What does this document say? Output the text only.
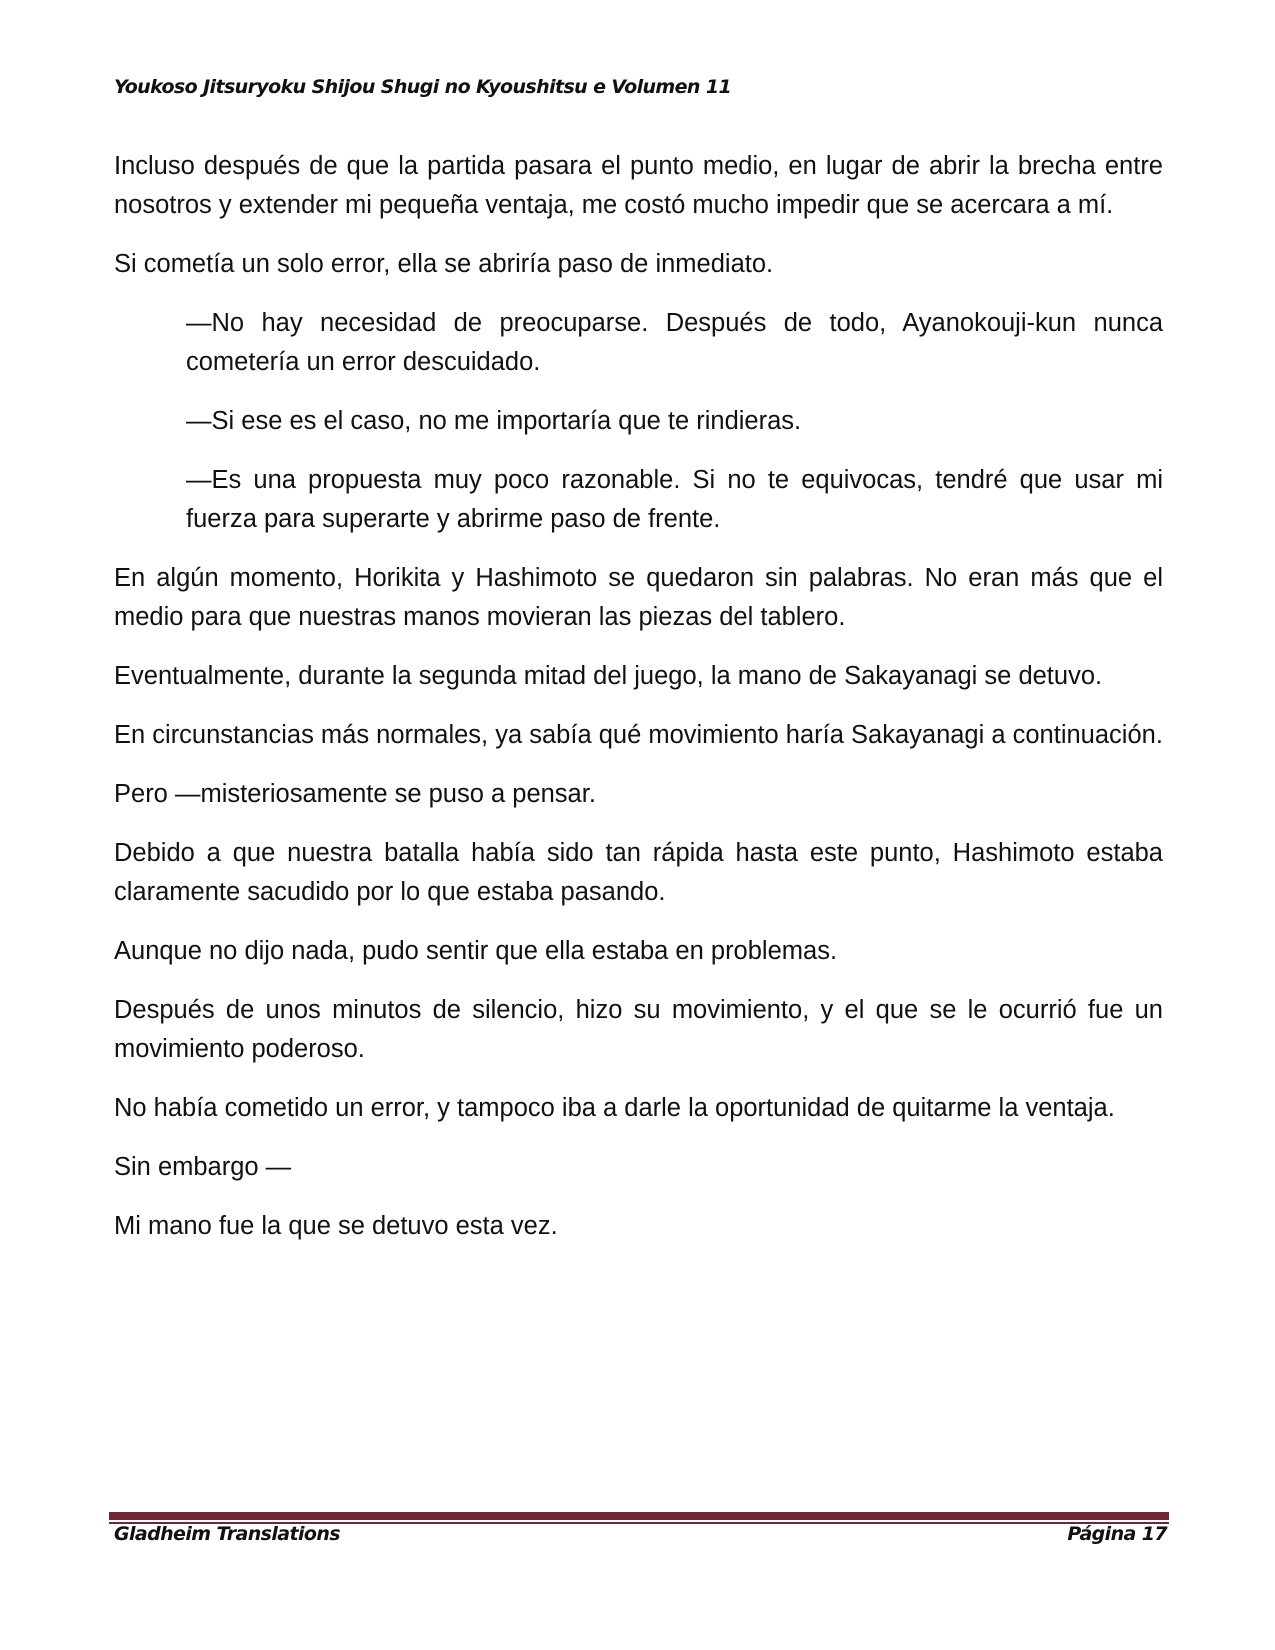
Youkoso Jitsuryoku Shijou Shugi no Kyoushitsu e Volumen 11

Incluso después de que la partida pasara el punto medio, en lugar de abrir la brecha entre nosotros y extender mi pequeña ventaja, me costó mucho impedir que se acercara a mí.

Si cometía un solo error, ella se abriría paso de inmediato.

—No hay necesidad de preocuparse. Después de todo, Ayanokouji-kun nunca cometería un error descuidado.

—Si ese es el caso, no me importaría que te rindieras.

—Es una propuesta muy poco razonable. Si no te equivocas, tendré que usar mi fuerza para superarte y abrirme paso de frente.

En algún momento, Horikita y Hashimoto se quedaron sin palabras. No eran más que el medio para que nuestras manos movieran las piezas del tablero.

Eventualmente, durante la segunda mitad del juego, la mano de Sakayanagi se detuvo.

En circunstancias más normales, ya sabía qué movimiento haría Sakayanagi a continuación.

Pero —misteriosamente se puso a pensar.

Debido a que nuestra batalla había sido tan rápida hasta este punto, Hashimoto estaba claramente sacudido por lo que estaba pasando.

Aunque no dijo nada, pudo sentir que ella estaba en problemas.

Después de unos minutos de silencio, hizo su movimiento, y el que se le ocurrió fue un movimiento poderoso.

No había cometido un error, y tampoco iba a darle la oportunidad de quitarme la ventaja.

Sin embargo —

Mi mano fue la que se detuvo esta vez.

Gladheim Translations	Página 17
